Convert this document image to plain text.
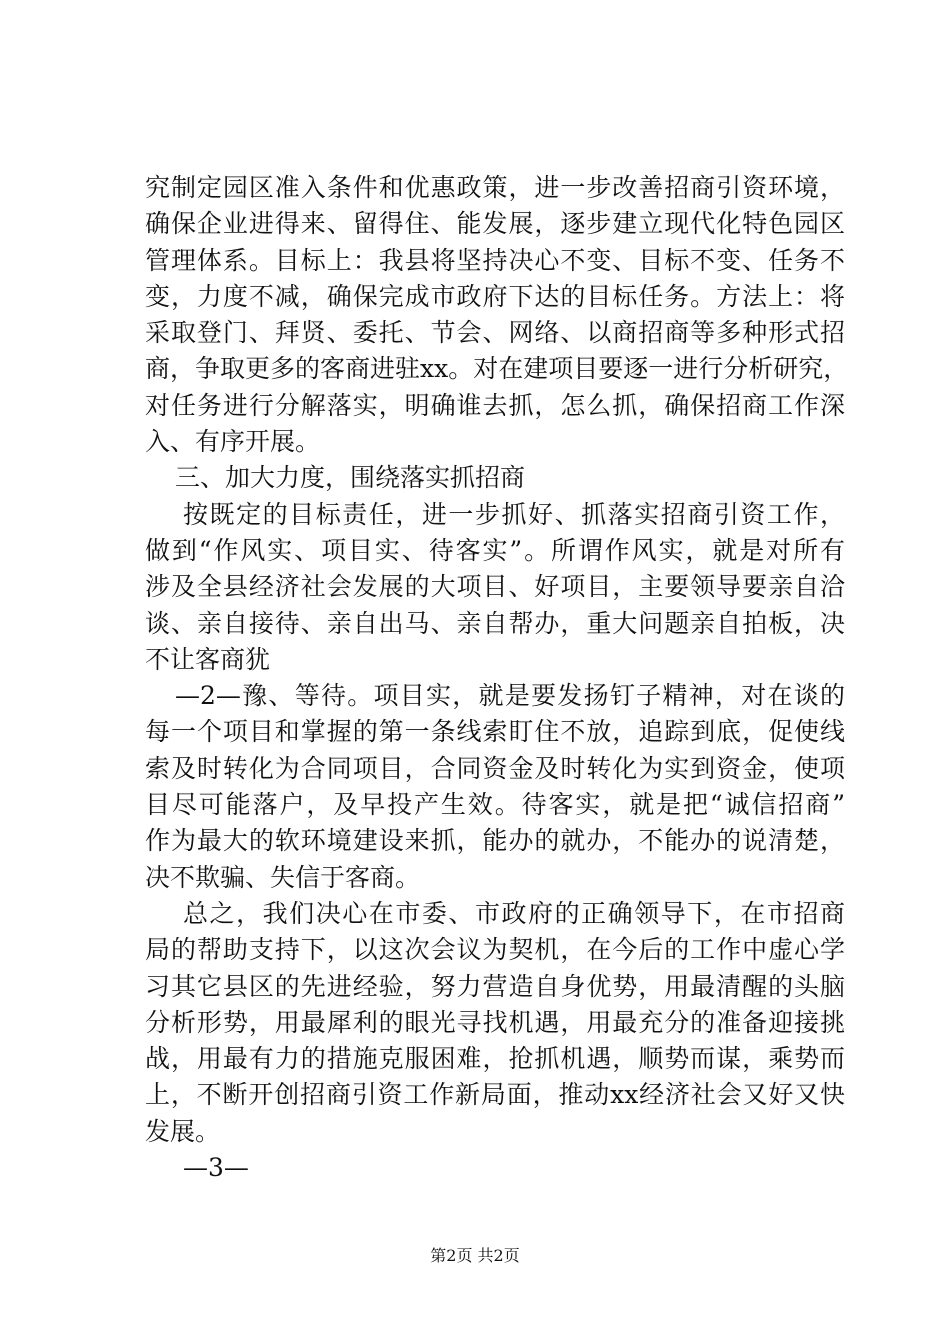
究制定园区准入条件和优惠政策，进一步改善招商引资环境，
确保企业进得来、留得住、能发展，逐步建立现代化特色园区
管理体系。目标上：我县将坚持决心不变、目标不变、任务不
变，力度不减，确保完成市政府下达的目标任务。方法上：将
采取登门、拜贤、委托、节会、网络、以商招商等多种形式招
商，争取更多的客商进驻xx。对在建项目要逐一进行分析研究，
对任务进行分解落实，明确谁去抓，怎么抓，确保招商工作深
入、有序开展。
三、加大力度，围绕落实抓招商
按既定的目标责任，进一步抓好、抓落实招商引资工作，
做到“作风实、项目实、待客实”。所谓作风实，就是对所有
涉及全县经济社会发展的大项目、好项目，主要领导要亲自洽
谈、亲自接待、亲自出马、亲自帮办，重大问题亲自拍板，决
不让客商犹
—2—豫、等待。项目实，就是要发扬钉子精神，对在谈的
每一个项目和掌握的第一条线索盯住不放，追踪到底，促使线
索及时转化为合同项目，合同资金及时转化为实到资金，使项
目尽可能落户，及早投产生效。待客实，就是把“诚信招商”
作为最大的软环境建设来抓，能办的就办，不能办的说清楚，
决不欺骗、失信于客商。
总之，我们决心在市委、市政府的正确领导下，在市招商
局的帮助支持下，以这次会议为契机，在今后的工作中虚心学
习其它县区的先进经验，努力营造自身优势，用最清醒的头脑
分析形势，用最犀利的眼光寻找机遇，用最充分的准备迎接挑
战，用最有力的措施克服困难，抢抓机遇，顺势而谋，乘势而
上，不断开创招商引资工作新局面，推动xx经济社会又好又快
发展。
—3—
第2页 共2页
